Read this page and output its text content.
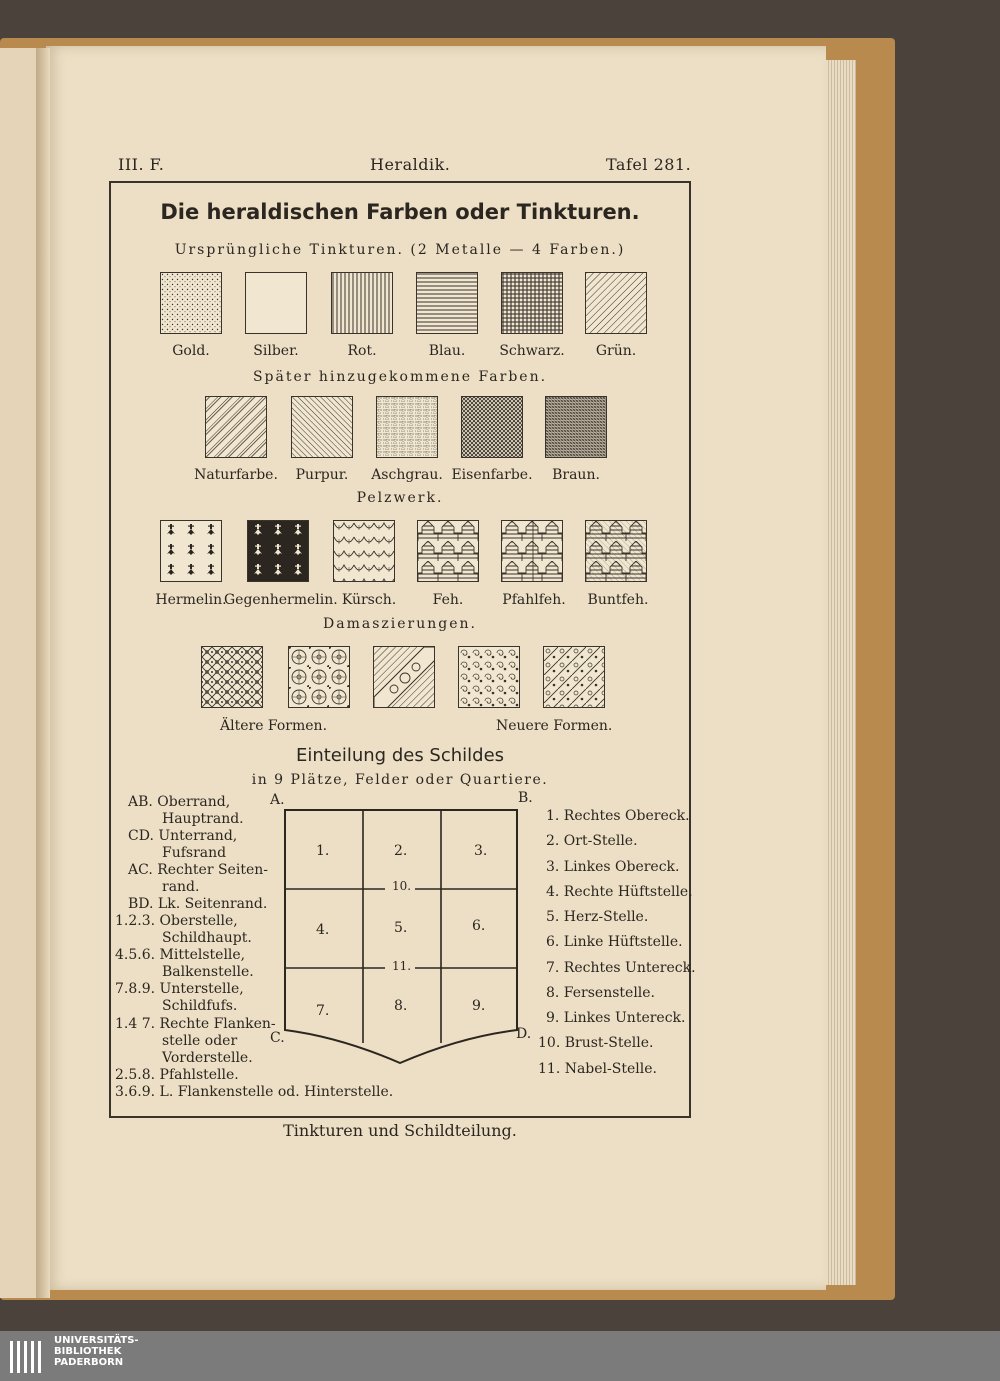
III. F.	Heraldik.	Tafel 281.
Die heraldischen Farben oder Tinkturen.
Ursprüngliche Tinkturen. (2 Metalle — 4 Farben.)
Gold.	Silber.	Rot.	Blau.	Schwarz.	Grün.
Später hinzugekommene Farben.
Naturfarbe.	Purpur.	Aschgrau. Eisenfarbe.	Braun.
Pelzwerk.
Hermelin.
Gegenhermelin. Kürsch.	Feh.	Pfahlfeh.	Buntfeh.
Damaszierungen.
Ältere Formen.	Neuere Formen.
Einteilung des Schildes
in 9 Plätze, Felder oder Quartiere.
A.	B.
C.	D.
1.	2.	3.
10.
4.	5.	6.
11.
7.	8.	9.
AB. Oberrand,
Hauptrand.
CD. Unterrand,
Fufsrand
AC. Rechter Seiten-
rand.
BD. Lk. Seitenrand.
1.2.3. Oberstelle,
Schildhaupt.
4.5.6. Mittelstelle,
Balkenstelle.
7.8.9. Unterstelle,
Schildfufs.
1.4 7. Rechte Flanken-
stelle oder
Vorderstelle.
2.5.8. Pfahlstelle.
3.6.9. L. Flankenstelle od. Hinterstelle.
1. Rechtes Obereck.
2. Ort-Stelle.
3. Linkes Obereck.
4. Rechte Hüftstelle.
5. Herz-Stelle.
6. Linke Hüftstelle.
7. Rechtes Untereck.
8. Fersenstelle.
9. Linkes Untereck.
10. Brust-Stelle.
11. Nabel-Stelle.
Tinkturen und Schildteilung.
UNIVERSITÄTS-
BIBLIOTHEK
PADERBORN
